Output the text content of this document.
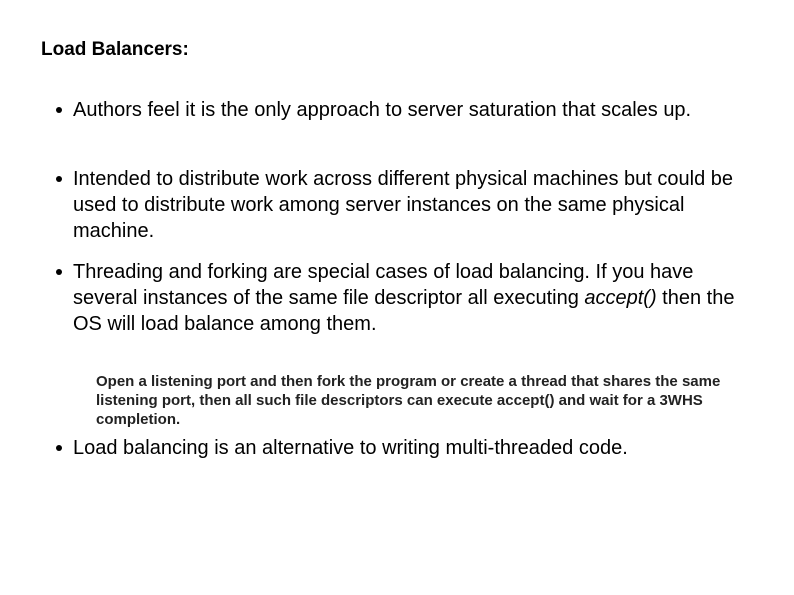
Load Balancers:
Authors feel it is the only approach to server saturation that scales up.
Intended to distribute work across different physical machines but could be used to distribute work among server instances on the same physical machine.
Threading and forking are special cases of load balancing. If you have several instances of the same file descriptor all executing accept() then the OS will load balance among them.
Open a listening port and then fork the program or create a thread that shares the same listening port, then all such file descriptors can execute accept() and wait for a 3WHS completion.
Load balancing is an alternative to writing multi-threaded code.
